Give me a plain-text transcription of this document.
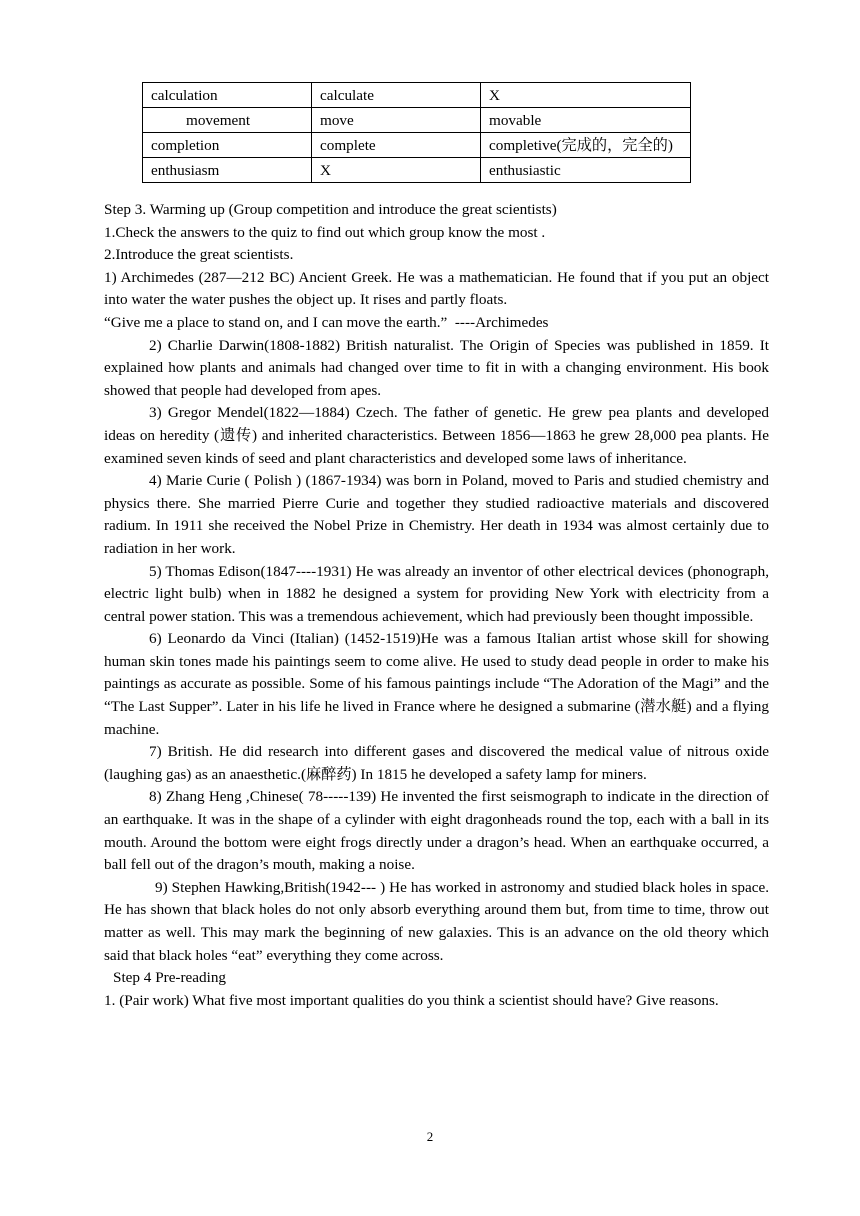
calculation	calculate	X
movement	move	movable
completion	complete	completive(完成的，完全的)
enthusiasm	X	enthusiastic
Step 3. Warming up (Group competition and introduce the great scientists)
1.Check the answers to the quiz to find out which group know the most .
2.Introduce the great scientists.

1) Archimedes (287—212 BC) Ancient Greek. He was a mathematician. He found that if you put an object into water the water pushes the object up. It rises and partly floats.

“Give me a place to stand on, and I can move the earth.”  ----Archimedes

2) Charlie Darwin(1808-1882) British naturalist. The Origin of Species was published in 1859. It explained how plants and animals had changed over time to fit in with a changing environment. His book showed that people had developed from apes.

3) Gregor Mendel(1822—1884) Czech. The father of genetic. He grew pea plants and developed ideas on heredity (遗传) and inherited characteristics. Between 1856—1863 he grew 28,000 pea plants. He examined seven kinds of seed and plant characteristics and developed some laws of inheritance.

4) Marie Curie ( Polish ) (1867-1934) was born in Poland, moved to Paris and studied chemistry and physics there. She married Pierre Curie and together they studied radioactive materials and discovered radium. In 1911 she received the Nobel Prize in Chemistry. Her death in 1934 was almost certainly due to radiation in her work.

5) Thomas Edison(1847----1931) He was already an inventor of other electrical devices (phonograph, electric light bulb) when in 1882 he designed a system for providing New York with electricity from a central power station. This was a tremendous achievement, which had previously been thought impossible.

6) Leonardo da Vinci (Italian) (1452-1519)He was a famous Italian artist whose skill for showing human skin tones made his paintings seem to come alive. He used to study dead people in order to make his paintings as accurate as possible. Some of his famous paintings include “The Adoration of the Magi” and the “The Last Supper”. Later in his life he lived in France where he designed a submarine (潜水艇) and a flying machine.

7) British. He did research into different gases and discovered the medical value of nitrous oxide (laughing gas) as an anaesthetic.(麻醉药) In 1815 he developed a safety lamp for miners.

8) Zhang Heng ,Chinese( 78-----139) He invented the first seismograph to indicate in the direction of an earthquake. It was in the shape of a cylinder with eight dragonheads round the top, each with a ball in its mouth. Around the bottom were eight frogs directly under a dragon’s head. When an earthquake occurred, a ball fell out of the dragon’s mouth, making a noise.

9) Stephen Hawking,British(1942--- ) He has worked in astronomy and studied black holes in space. He has shown that black holes do not only absorb everything around them but, from time to time, throw out matter as well. This may mark the beginning of new galaxies. This is an advance on the old theory which said that black holes “eat” everything they come across.

Step 4 Pre-reading

1. (Pair work) What five most important qualities do you think a scientist should have? Give reasons.

2
